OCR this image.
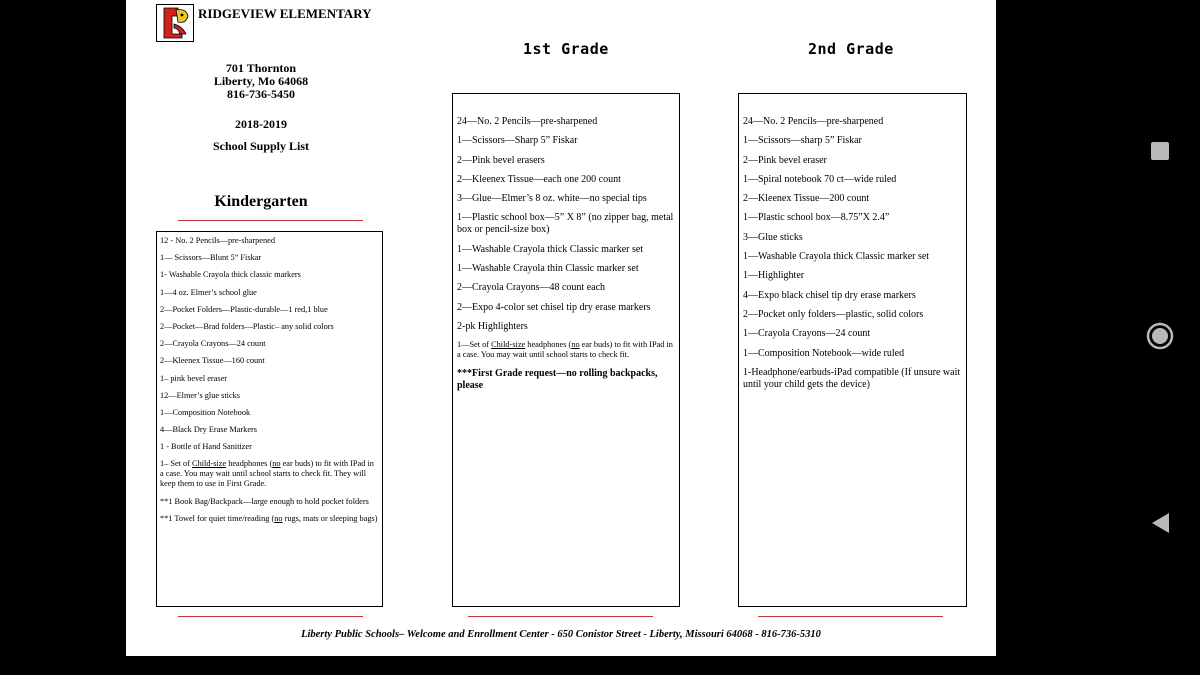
RIDGEVIEW ELEMENTARY
701 Thornton
Liberty, Mo 64068
816-736-5450
2018-2019
School Supply List
Kindergarten
1st Grade	2nd Grade
12 - No. 2 Pencils—pre-sharpened
1— Scissors—Blunt 5” Fiskar
1- Washable Crayola thick classic markers
1—4 oz. Elmer’s school glue
2—Pocket Folders—Plastic-durable—1 red,1 blue
2—Pocket—Brad folders—Plastic– any solid colors
2—Crayola Crayons—24 count
2—Kleenex Tissue—160 count
1– pink bevel eraser
12—Elmer’s glue sticks
1—Composition Notebook
4—Black Dry Erase Markers
1 - Bottle of Hand Sanitizer
1– Set of Child-size headphones (no ear buds) to fit with IPad in a case. You may wait until school starts to check fit. They will keep them to use in First Grade.
**1 Book Bag/Backpack—large enough to hold pocket folders
**1 Towel for quiet time/reading (no rugs, mats or sleeping bags)
24—No. 2 Pencils—pre-sharpened
1—Scissors—Sharp 5” Fiskar
2—Pink bevel erasers
2—Kleenex Tissue—each one 200 count
3—Glue—Elmer’s 8 oz. white—no special tips
1—Plastic school box—5” X 8” (no zipper bag, metal box or pencil-size box)
1—Washable Crayola thick Classic marker set
1—Washable Crayola thin Classic marker set
2—Crayola Crayons—48 count each
2—Expo 4-color set chisel tip dry erase markers
2-pk Highlighters
1—Set of Child-size headphones (no ear buds) to fit with IPad in a case. You may wait until school starts to check fit.
***First Grade request—no rolling backpacks, please
24—No. 2 Pencils—pre-sharpened
1—Scissors—sharp 5” Fiskar
2—Pink bevel eraser
1—Spiral notebook 70 ct—wide ruled
2—Kleenex Tissue—200 count
1—Plastic school box—8.75”X 2.4”
3—Glue sticks
1—Washable Crayola thick Classic marker set
1—Highlighter
4—Expo black chisel tip dry erase markers
2—Pocket only folders—plastic, solid colors
1—Crayola Crayons—24 count
1—Composition Notebook—wide ruled
1-Headphone/earbuds-iPad compatible (If unsure wait until your child gets the device)
Liberty Public Schools– Welcome and Enrollment Center - 650 Conistor Street - Liberty, Missouri 64068 - 816-736-5310
